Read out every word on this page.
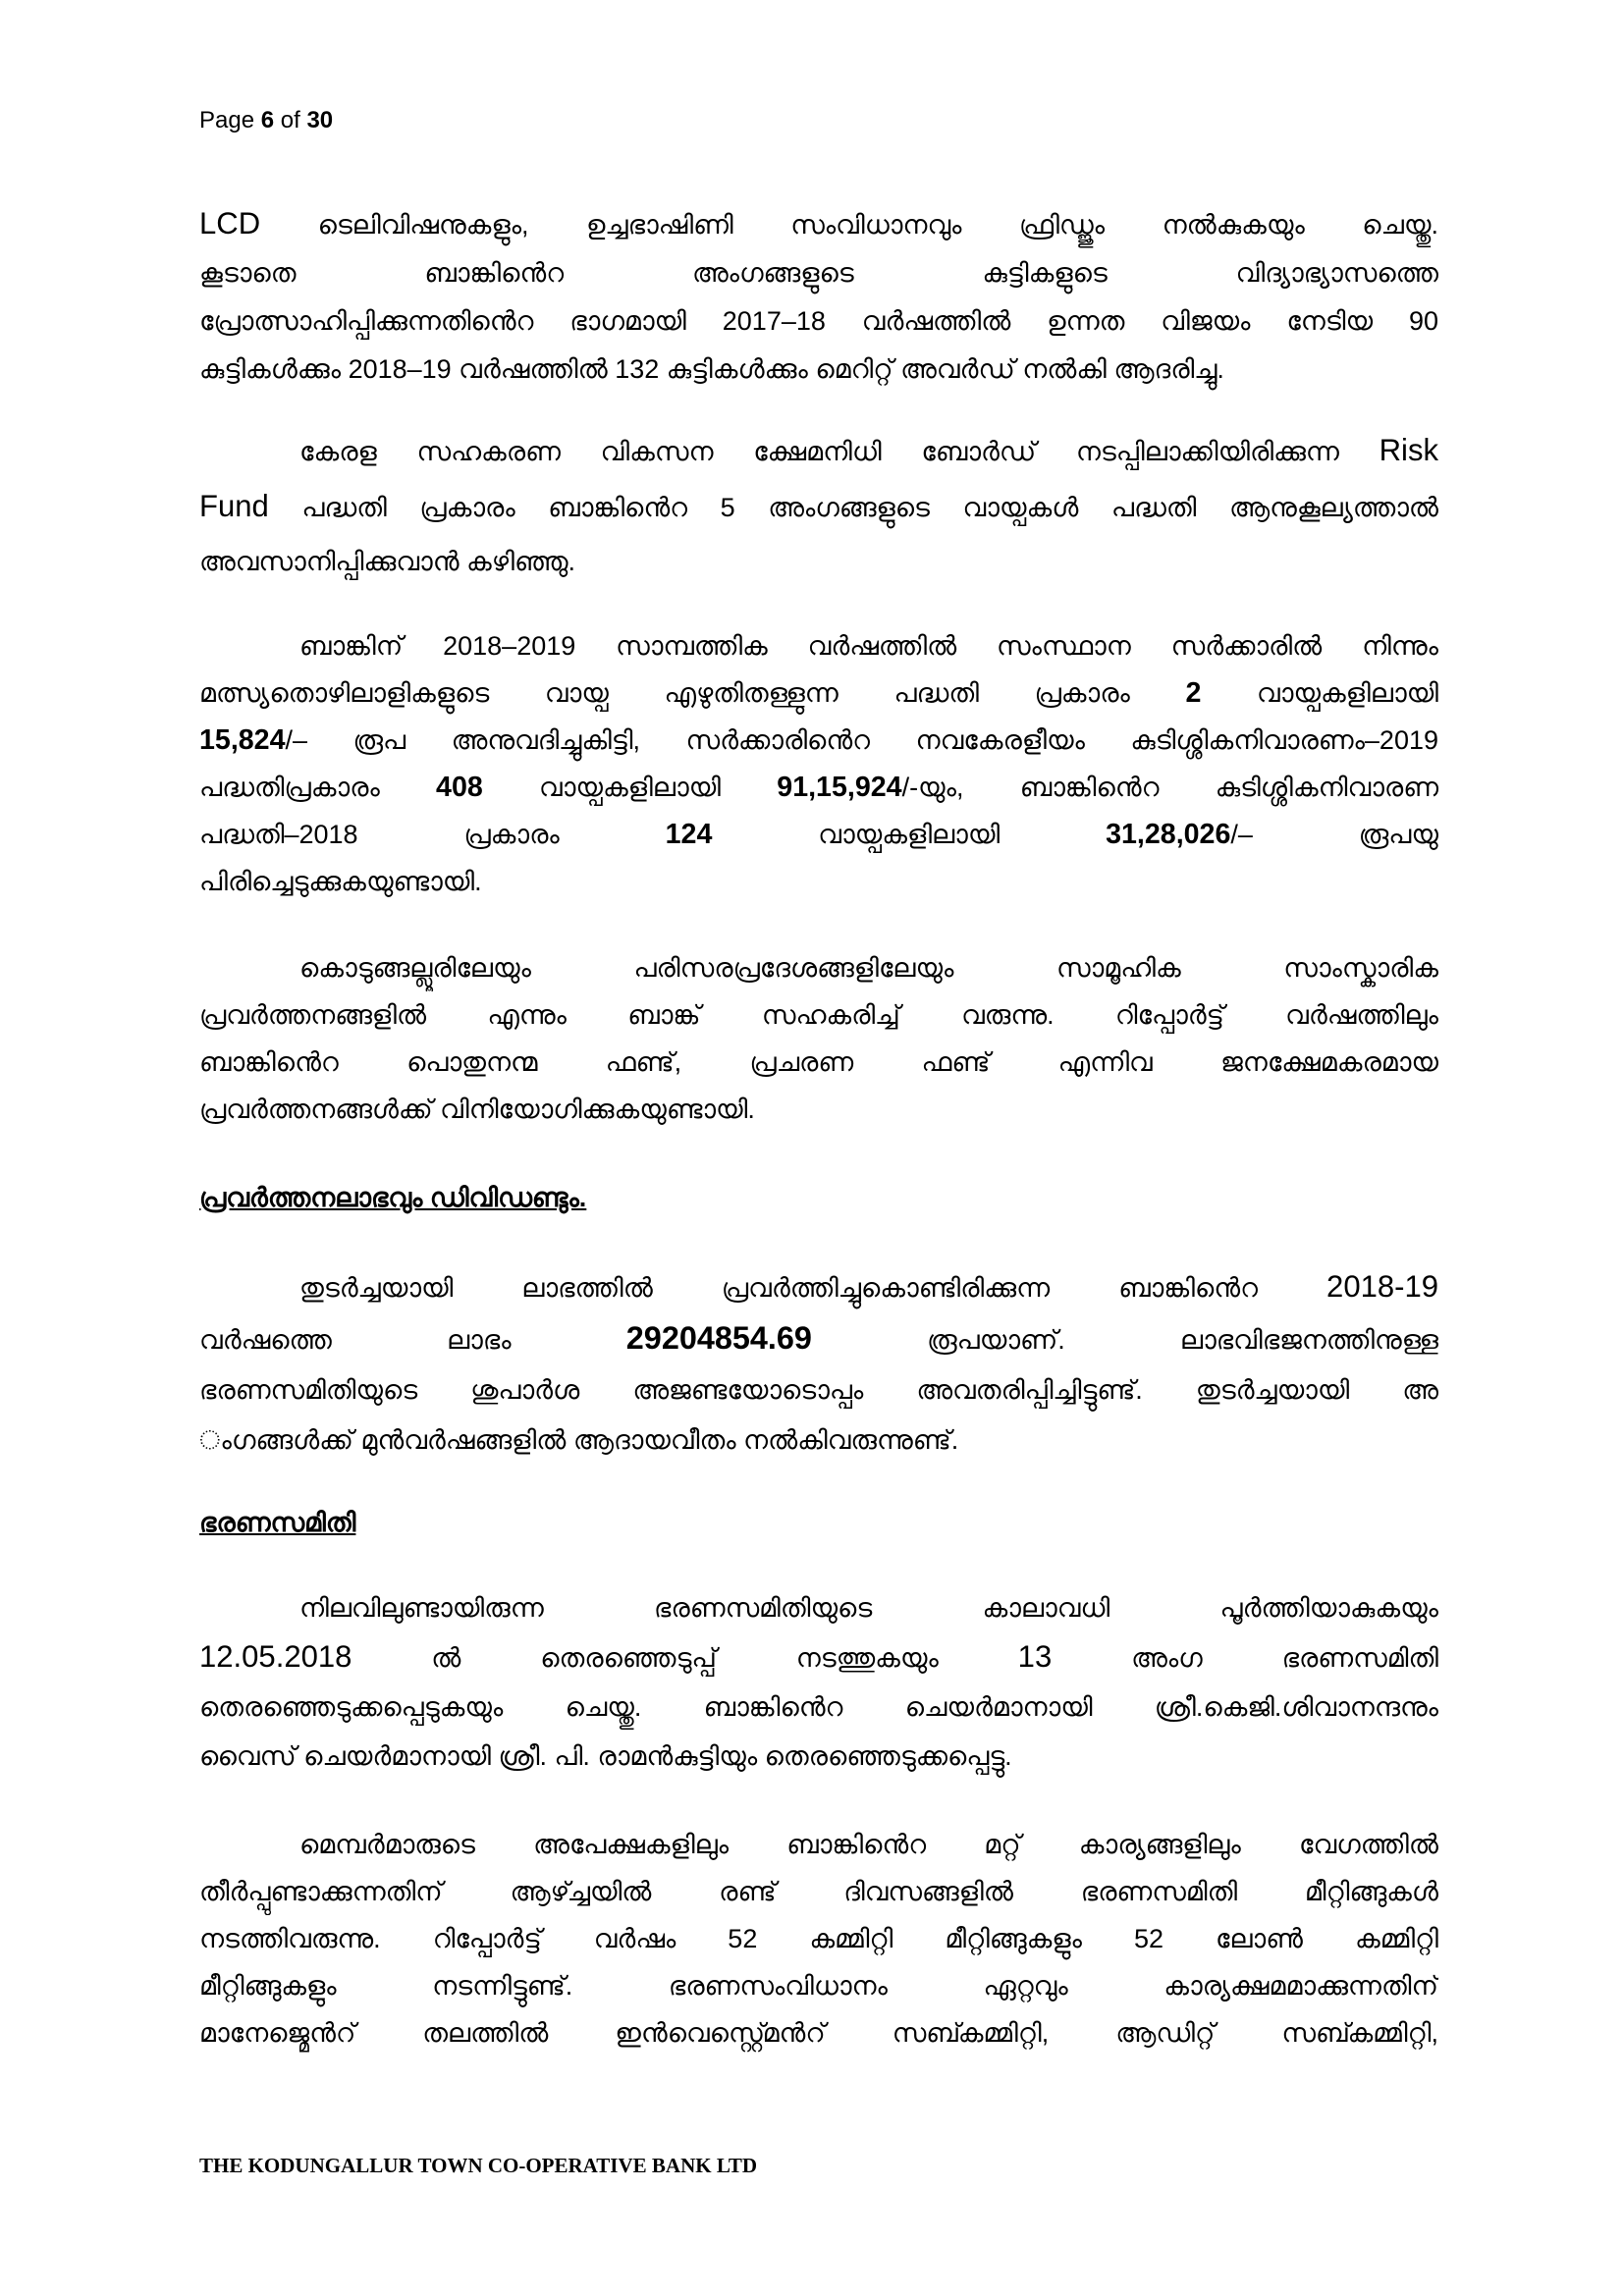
Page 6 of 30
LCD ടെലിവിഷനുകളും, ഉച്ചഭാഷിണി സംവിധാനവും ഫ്രിഡ്ജും നൽകുകയും ചെയ്തു.
കൂടാതെ ബാങ്കിൻെറ അംഗങ്ങളുടെ കുട്ടികളുടെ വിദ്യാഭ്യാസത്തെ
പ്രോത്സാഹിപ്പിക്കുന്നതിൻെറ ഭാഗമായി 2017–18 വർഷത്തിൽ ഉന്നത വിജയം നേടിയ 90
കുട്ടികൾക്കും 2018–19 വർഷത്തിൽ 132 കുട്ടികൾക്കും മെറിറ്റ് അവർഡ് നൽകി ആദരിച്ചു.
കേരള സഹകരണ വികസന ക്ഷേമനിധി ബോർഡ് നടപ്പിലാക്കിയിരിക്കുന്ന Risk
Fund പദ്ധതി പ്രകാരം ബാങ്കിൻെറ 5 അംഗങ്ങളുടെ വായ്പകൾ പദ്ധതി ആനുകൂല്യത്താൽ
അവസാനിപ്പിക്കുവാൻ കഴിഞ്ഞു.
ബാങ്കിന് 2018–2019 സാമ്പത്തിക വർഷത്തിൽ സംസ്ഥാന സർക്കാരിൽ നിന്നും
മത്സ്യതൊഴിലാളികളുടെ വായ്പ എഴുതിതള്ളുന്ന പദ്ധതി പ്രകാരം 2 വായ്പകളിലായി
15,824/– രൂപ അനുവദിച്ചുകിട്ടി, സർക്കാരിൻെറ നവകേരളീയം കുടിശ്ശികനിവാരണം–2019
പദ്ധതിപ്രകാരം 408 വായ്പകളിലായി 91,15,924/-യും, ബാങ്കിൻെറ കുടിശ്ശികനിവാരണ
പദ്ധതി–2018 പ്രകാരം 124 വായ്പകളിലായി 31,28,026/– രൂപയു
പിരിച്ചെടുക്കുകയുണ്ടായി.
കൊടുങ്ങല്ലൂരിലേയും പരിസരപ്രദേശങ്ങളിലേയും സാമൂഹിക സാംസ്കാരിക
പ്രവർത്തനങ്ങളിൽ എന്നും ബാങ്ക് സഹകരിച്ച് വരുന്നു. റിപ്പോർട്ട് വർഷത്തിലും
ബാങ്കിൻെറ പൊതുനന്മ ഫണ്ട്, പ്രചരണ ഫണ്ട് എന്നിവ ജനക്ഷേമകരമായ
പ്രവർത്തനങ്ങൾക്ക് വിനിയോഗിക്കുകയുണ്ടായി.
പ്രവർത്തനലാഭവും ഡിവിഡണ്ടും.
തുടർച്ചയായി ലാഭത്തിൽ പ്രവർത്തിച്ചുകൊണ്ടിരിക്കുന്ന ബാങ്കിൻെറ 2018-19
വർഷത്തെ ലാഭം 29204854.69 രൂപയാണ്. ലാഭവിഭജനത്തിനുള്ള
ഭരണസമിതിയുടെ ശുപാർശ അജണ്ടയോടൊപ്പം അവതരിപ്പിച്ചിട്ടുണ്ട്. തുടർച്ചയായി അ
ംഗങ്ങൾക്ക് മുൻവർഷങ്ങളിൽ ആദായവീതം നൽകിവരുന്നുണ്ട്.
ഭരണസമിതി
നിലവിലുണ്ടായിരുന്ന ഭരണസമിതിയുടെ കാലാവധി പൂർത്തിയാകുകയും
12.05.2018 ൽ തെരഞ്ഞെടുപ്പ് നടത്തുകയും 13 അംഗ ഭരണസമിതി
തെരഞ്ഞെടുക്കപ്പെടുകയും ചെയ്തു. ബാങ്കിൻെറ ചെയർമാനായി ശ്രീ.കെജി.ശിവാനന്ദനും
വൈസ് ചെയർമാനായി ശ്രീ. പി. രാമൻകുട്ടിയും തെരഞ്ഞെടുക്കപ്പെട്ടു.
മെമ്പർമാരുടെ അപേക്ഷകളിലും ബാങ്കിൻെറ മറ്റ് കാര്യങ്ങളിലും വേഗത്തിൽ
തീർപ്പുണ്ടാക്കുന്നതിന് ആഴ്ച്ചയിൽ രണ്ട് ദിവസങ്ങളിൽ ഭരണസമിതി മീറ്റിങ്ങുകൾ
നടത്തിവരുന്നു. റിപ്പോർട്ട് വർഷം 52 കമ്മിറ്റി മീറ്റിങ്ങുകളും 52 ലോൺ കമ്മിറ്റി
മീറ്റിങ്ങുകളും നടന്നിട്ടുണ്ട്. ഭരണസംവിധാനം ഏറ്റവും കാര്യക്ഷമമാക്കുന്നതിന്
മാനേജ്മെൻറ് തലത്തിൽ ഇൻവെസ്റ്റ്മെൻറ് സബ്കമ്മിറ്റി, ആഡിറ്റ് സബ്കമ്മിറ്റി,
THE KODUNGALLUR TOWN CO-OPERATIVE BANK LTD
